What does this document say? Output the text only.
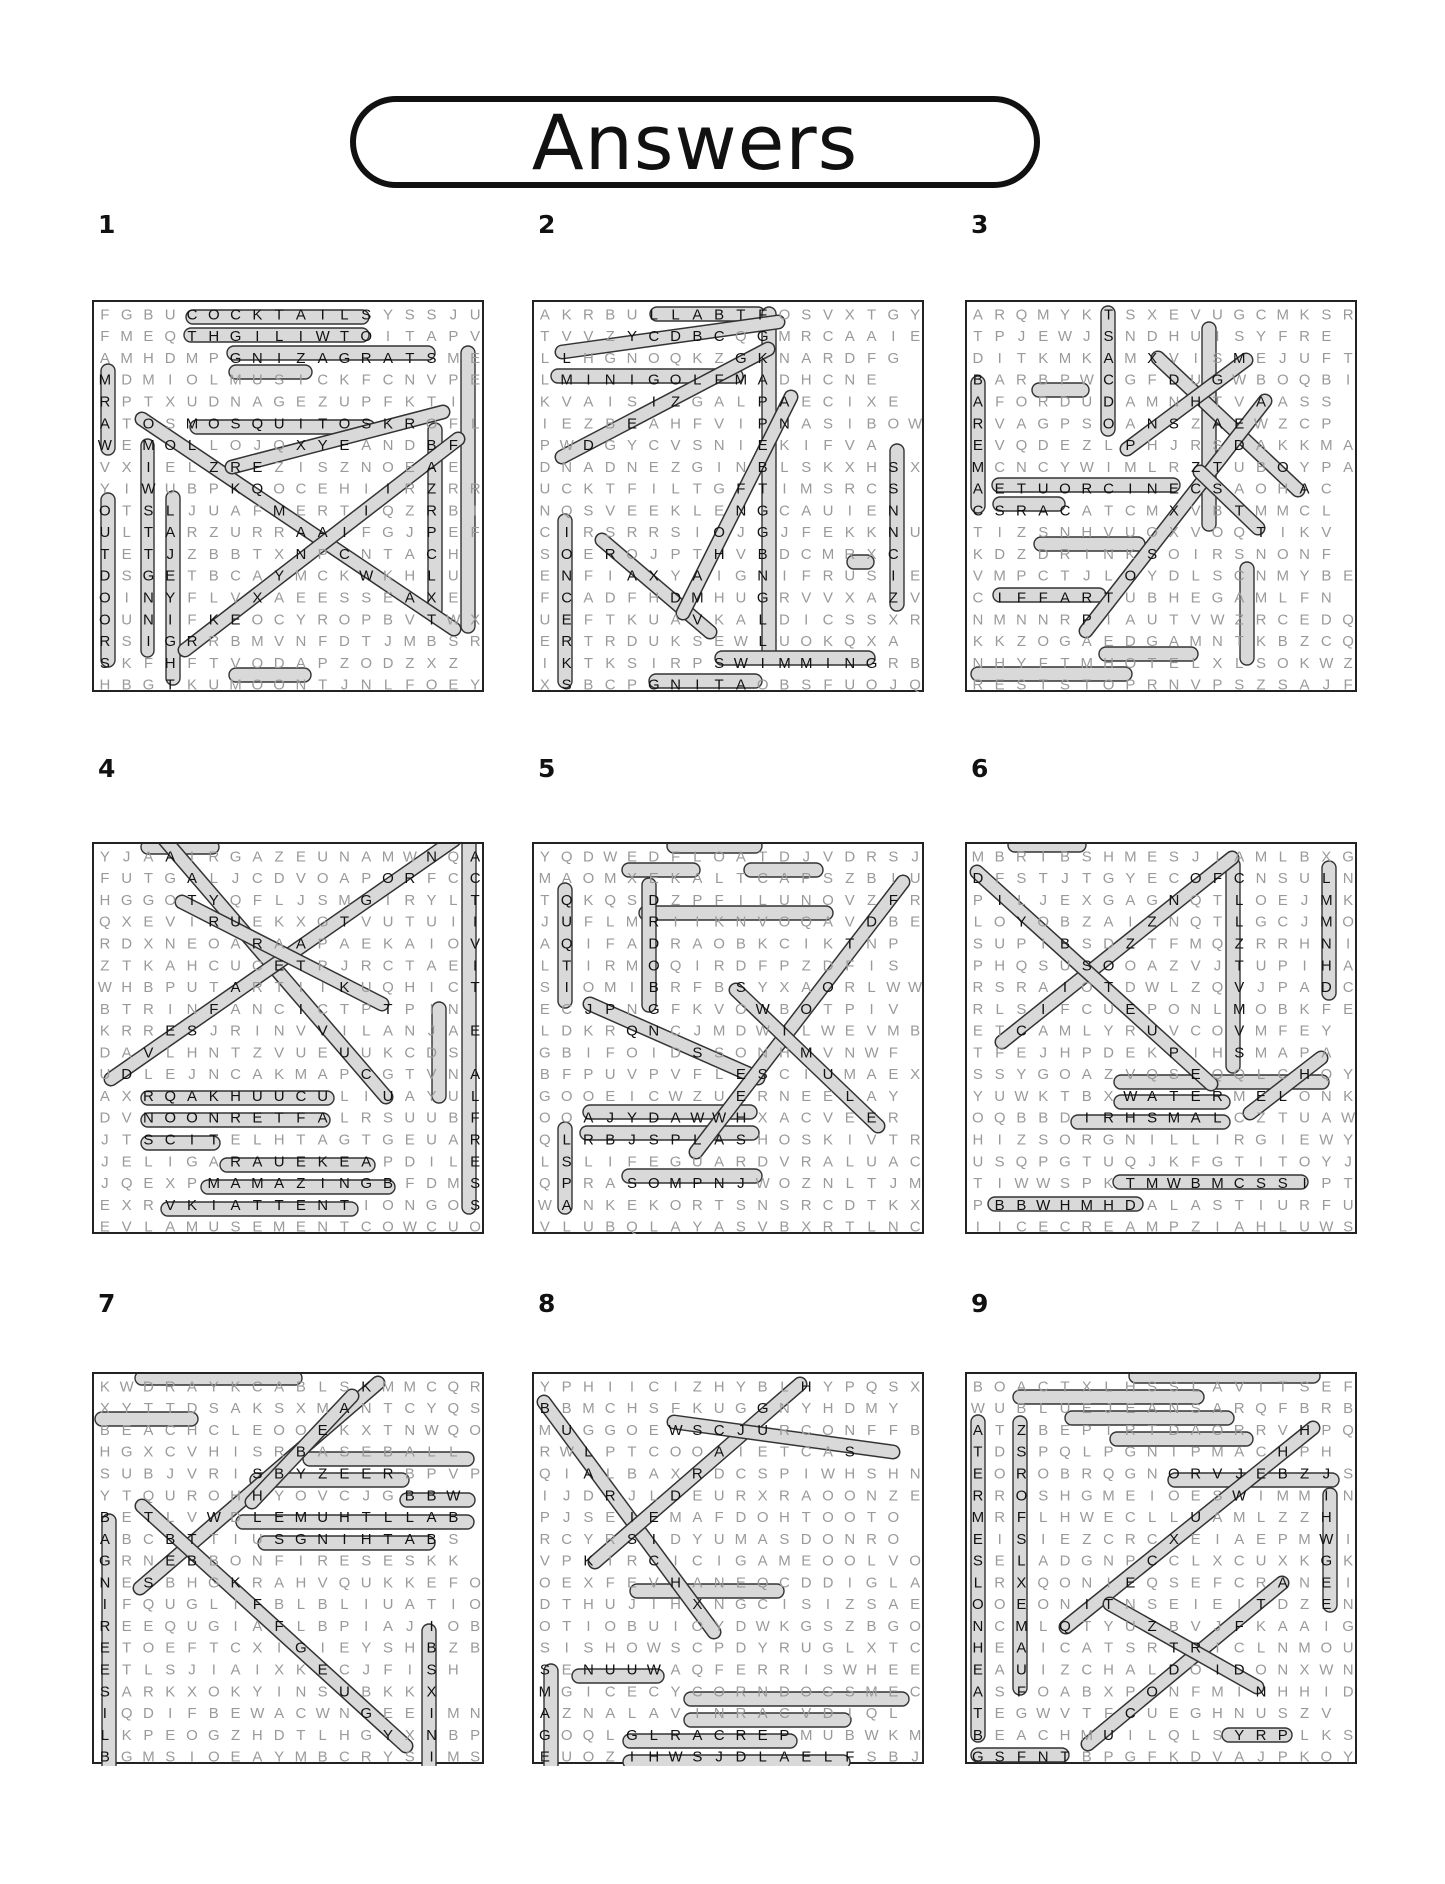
Answers
1
F G B U C O C K T A I L S Y S S J U
F M E Q T H G I L I W T O I T A P V
A M H D M P G N I Z A G R A T S M E
M D M I O L M U S I C K F C N V P E
R P T X U D N A G E Z U P F K T I
A T O S M O S Q U I T O S K R O F L
W E M O L L O J Q X Y E A N D B F
V X I E L Z R E Z I S Z N O E A E
Y I W U B P K Q O C E H I I R Z R R
O T S L J U A F M E R T I Q Z R B I
U L T A R Z U R R A A I F G J P E F
T E T J Z B B T X N P C N T A C H
D S G E T B C A Y M C K W K H L U
O I N Y F L V X A E E S S E A X E
O U N I F K E O C Y R O P B V T W X
R S I G R R B M V N F D T J M B S R
S K F H F T V O D A P Z O D Z X Z
H B G T K U M O O N T J N L F O E Y
2
A K R B U L L A B T F O S V X T G Y
T V V Z Y C D B C Q G M R C A A I E
L L H G N O Q K Z G K N A R D F G
L M I N I G O L F M A D H C N E
K V A I S I Z G A L P A E C I X E
I E Z B E A H F V I P N A S I B O W
P W D G Y C V S N I E K I F V A
D N A D N E Z G I N B L S K X H S X
U C K T F I L T G F T I M S R C S
N Q S V E E K L E N G C A U I E N
C I R S R R S I O J G J F E K K N U
S O E R O J P T H V B D C M R X C
E N F I A X Y A I G N I F R U S I E
F C A D F H D M H U G R V V X A Z V
U E F T K U A V K A L D I C S S X R
E R T R D U K S E W L U O K Q X A
I K T K S I R P S W I M M I N G R B
X S B C P G N I T A O B S F U O J Q
3
A R Q M Y K T S X E V U G C M K S R
T P J E W J S N D H U I S Y F R E
D I T K M K A M X V I S M E J U F T
B A R B P W C G F D U G W B O Q B I
A F O R D U D A M N H T V A A S S
R V A G P S O A N S Z A E W Z C P
E V Q D E Z L P H J R S D A K K M A
M C N C Y W I M L R Z T U B O Y P A
A E T U O R C I N E C S A O H A C
C S R A C A T C M X V B T M M C L
T I Z S N H V U O X V O Q T I K V
K D Z D R I N K S O I R S N O N F
V M P C T J L O Y D L S C N M Y B E
C I F F A R T U B H E G A M L F N
N M N N R P I A U T V W Z R C E D Q
K K Z O G A E D G A M N T K B Z C Q
N H Y F T M H O T E L X L S O K W Z
R E S T S T O P R N V P S Z S A J F
4
Y J A A I R G A Z E U N A M W N Q A
F U T G A L J C D V O A P O R F C C
H G G O T Y Q F L J S M G I R Y L T
Q X E V I R U E K X G T V U T U I I
R D X N E O A R A A P A E K A I O V
Z T K A H C U C E T P J R C T A E I
W H B P U T A R T I I K U Q H I C T
B T R I N F A N C I C T P T P I N
K R R E S J R I N V V I L A N J A E
D A V L H N T Z V U E U U K C D S
U D L E J N C A K M A P C G T V N A
A X R Q A K H U U C U L I U A Y U L
D V N O O N R E T F A L R S U U B F
J T S C I T E L H T A G T G E U A R
J E L I G A R A U E K E A P D I L E
J Q E X P M A M A Z I N G B F D M S
E X R V K I A T T E N T I O N G O S
E V L A M U S E M E N T C O W C U O
5
Y Q D W E D F L O A T D J V D R S J
M A O M X E K A L T C A P S Z B I U
T Q K Q S D Z P F I L U N O V Z F R
J U F L M R I I K N V O Q A V D B E
A Q I F A D R A O B K C I K T N P
L T I R M O Q I R D F P Z D F I S
S I O M I B R F B S Y X A O R L W W
E C J P N G F K V O W B O T P I V
L D K R Q N C J M D W I L W E V M B
G B I F O I D S S O N H M V N W F
B F P U V P V F L E S C I U M A E X
G O O E I C W Z U E R N E E L A Y
O O A J Y D A W W H X A C V E E R
Q L R B J S P L A S H O S K I V T R
L S L I F E G U A R D V R A L U A C
Q P R A S O M P N J W O Z N L T J M
W A N K E K O R T S N S R C D T K X
V L U B Q L A Y A S V B X R T L N C
6
M B R I B S H M E S J I A M L B X G
D F S T J T G Y E C O F C N S U L N
P I L J E X G A G N Q T L O E J M K
L O Y O B Z A I Z N Q T L G C J M O
S U P I B S D Z T F M Q Z R R H N I
P H Q S U S O O A Z V J T U P I H A
R S R A I O T D W L Z Q V J P A D C
R L S I F C U E P O N L M O B K F E
E T C A M L Y R U V C O V M F E Y
T F E J H P D E K P I H S M A P A
S S Y G O A Z V Q S E Q Q L C H Q Y
Y U W K T B X W A T E R M E L O N K
O Q B B D I R H S M A L C Z T U A W
H I Z S O R G N I L L I R G I E W Y
U S Q P G T U Q J K F G T I T O Y J
T I W W S P K T M W B M C S S I P T
P B B W H M H D A L A S T I U R F U
I I C E C R E A M P Z I A H L U W S
7
K W D R A Y K C A B L S K M M C Q R
X Y T T D S A K S X M A N T C Y Q S
B E A C H C L E O O E K X T N W Q O
H G X C V H I S R B A S E B A L L
S U B J V R I S B Y Z E E R B P V P
Y T Q U R O H H Y O V C J G B B W
B E T L V W D L E M U H T L L A B
A B C B T T I U S G N I H T A B S
G R N E B B O N F I R E S E S K K
N E S B H G K R A H V Q U K K E F O
I F Q U G L I F B L B L I U A T I O
R E E Q U G I A F L B P I A J I O B
E T O E F T C X I G I E Y S H B Z B
E T L S J I A I X K E C J F I S H
S A R K X O K Y I N S U B K K X
I Q D I F B E W A C W N G E E I M N
L K P E O G Z H D T L H G Y X N B P
B G M S I O E A Y M B C R Y S I M S
8
Y P H I I C I Z H Y B L H Y P Q S X
B B M C H S F K U G G N Y H D M Y
M U G G O E W S C J U R C O N F F B
R W L P T C O O A I E T C A S
Q I A L B A X R D C S P I W H S H N
I J D R J L D E U R X R A O O N Z E
P J S E I E M A F D O H T O O T O
R C Y R S I D Y U M A S D O N R O
V P K I R C I C I G A M E O O L V O
O E X F E V H A N E Q C D D I G L A
D T H U J I H X N G C I S I Z S A E
O T I O B U I O Y D W K G S Z B G O
S I S H O W S C P D Y R U G L X T C
S E N U U W A Q F E R R I S W H E E
M G I C E C Y C O R N D O G S M E C
A Z N A L A V I N R A C V D I Q L
G O Q L G L R A C R E P M U B W K M
E U O Z I H W S J D L A E L F S B J
9
B O A C T X L H S S L A V I T S E F
W U B L U E J E A N S A R Q F B R B
A T Z B E P I R T D A O R R V H P Q
T D S P Q L P G N I P M A C H P H
E O R O B R Q G N O R V J E B Z J S
R R O S H G M E I O E S W I M M I N
M R F L H W E C L L U A M L Z Z H
E I S I E Z C R C X E I A E P M W I
S E L A D G N P C C L X C U X K G K
L R X Q O N I E Q S E F C R A N E I
O O E O N I T N S E I E I T D Z E N
N C M L Q T Y U Z B V J F K A A I G
H E A I C A T S R T R I C L N M O U
E A U I Z C H A L D O I D O N X W N
A S F O A B X P O N F M I N H H I D
T E G W V T F C U E G H N U S Z V
B E A C H M U I L Q L S Y R P L K S
G S F N T B P G F K D V A J P K O Y
